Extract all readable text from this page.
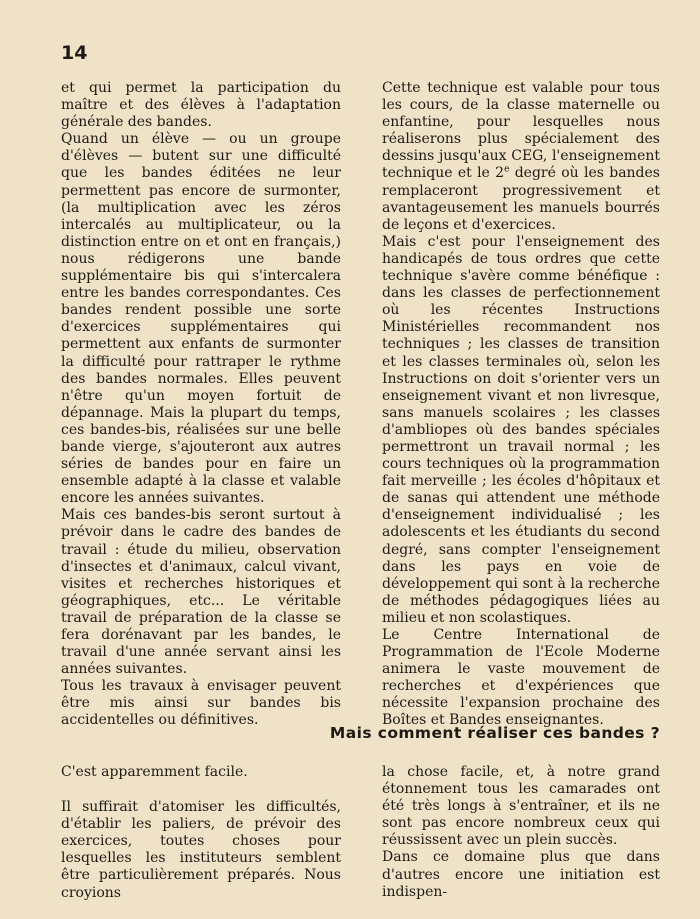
14

et qui permet la participation du maître et des élèves à l'adaptation générale des bandes.

Quand un élève — ou un groupe d'élèves — butent sur une difficulté que les bandes éditées ne leur permettent pas encore de surmonter, (la multiplication avec les zéros intercalés au multiplicateur, ou la distinction entre on et ont en français,) nous rédigerons une bande supplémentaire bis qui s'intercalera entre les bandes correspondantes. Ces bandes rendent possible une sorte d'exercices supplémentaires qui permettent aux enfants de surmonter la difficulté pour rattraper le rythme des bandes normales. Elles peuvent n'être qu'un moyen fortuit de dépannage. Mais la plupart du temps, ces bandes-bis, réalisées sur une belle bande vierge, s'ajouteront aux autres séries de bandes pour en faire un ensemble adapté à la classe et valable encore les années suivantes.

Mais ces bandes-bis seront surtout à prévoir dans le cadre des bandes de travail : étude du milieu, observation d'insectes et d'animaux, calcul vivant, visites et recherches historiques et géographiques, etc... Le véritable travail de préparation de la classe se fera dorénavant par les bandes, le travail d'une année servant ainsi les années suivantes.

Tous les travaux à envisager peuvent être mis ainsi sur bandes bis accidentelles ou définitives.

Cette technique est valable pour tous les cours, de la classe maternelle ou enfantine, pour lesquelles nous réaliserons plus spécialement des dessins jusqu'aux CEG, l'enseignement technique et le 2e degré où les bandes remplaceront progressivement et avantageusement les manuels bourrés de leçons et d'exercices.

Mais c'est pour l'enseignement des handicapés de tous ordres que cette technique s'avère comme bénéfique : dans les classes de perfectionnement où les récentes Instructions Ministérielles recommandent nos techniques ; les classes de transition et les classes terminales où, selon les Instructions on doit s'orienter vers un enseignement vivant et non livresque, sans manuels scolaires ; les classes d'ambliopes où des bandes spéciales permettront un travail normal ; les cours techniques où la programmation fait merveille ; les écoles d'hôpitaux et de sanas qui attendent une méthode d'enseignement individualisé ; les adolescents et les étudiants du second degré, sans compter l'enseignement dans les pays en voie de développement qui sont à la recherche de méthodes pédagogiques liées au milieu et non scolastiques.

Le Centre International de Programmation de l'Ecole Moderne animera le vaste mouvement de recherches et d'expériences que nécessite l'expansion prochaine des Boîtes et Bandes enseignantes.

Mais comment réaliser ces bandes ?

C'est apparemment facile.

Il suffirait d'atomiser les difficultés, d'établir les paliers, de prévoir des exercices, toutes choses pour lesquelles les instituteurs semblent être particulièrement préparés. Nous croyions

la chose facile, et, à notre grand étonnement tous les camarades ont été très longs à s'entraîner, et ils ne sont pas encore nombreux ceux qui réussissent avec un plein succès.

Dans ce domaine plus que dans d'autres encore une initiation est indispen-
